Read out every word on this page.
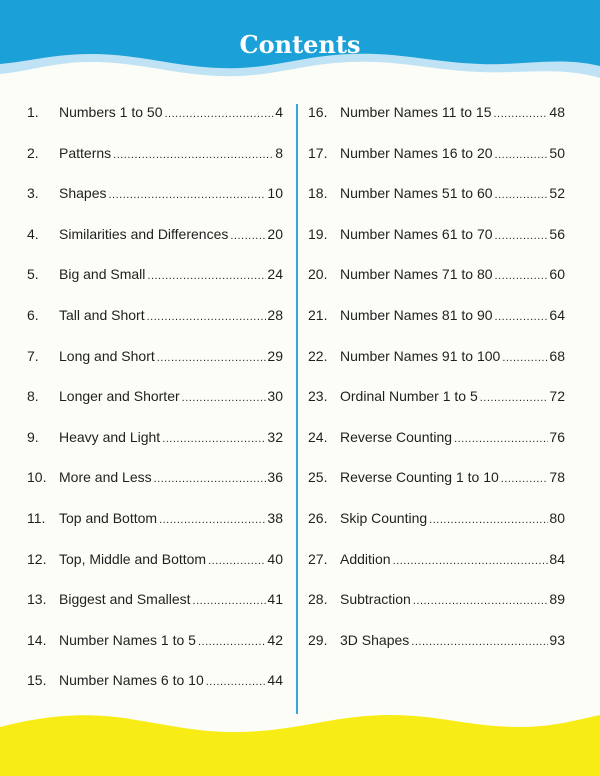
Contents
1.	Numbers 1 to 50 .....	4
2.	Patterns .....	8
3.	Shapes .....	10
4.	Similarities and Differences .....	20
5.	Big and Small .....	24
6.	Tall and Short .....	28
7.	Long and Short .....	29
8.	Longer and Shorter .....	30
9.	Heavy and Light .....	32
10. More and Less .....	36
11. Top and Bottom .....	38
12. Top, Middle and Bottom .....	40
13. Biggest and Smallest .....	41
14. Number Names 1 to 5 .....	42
15. Number Names 6 to 10 .....	44
16. Number Names 11 to 15 .....	48
17. Number Names 16 to 20 .....	50
18. Number Names 51 to 60 .....	52
19. Number Names 61 to 70 .....	56
20. Number Names 71 to 80 .....	60
21. Number Names 81 to 90 .....	64
22. Number Names 91 to 100 .....	68
23. Ordinal Number 1 to 5 .....	72
24. Reverse Counting .....	76
25. Reverse Counting 1 to 10 .....	78
26. Skip Counting .....	80
27. Addition .....	84
28. Subtraction .....	89
29. 3D Shapes .....	93
